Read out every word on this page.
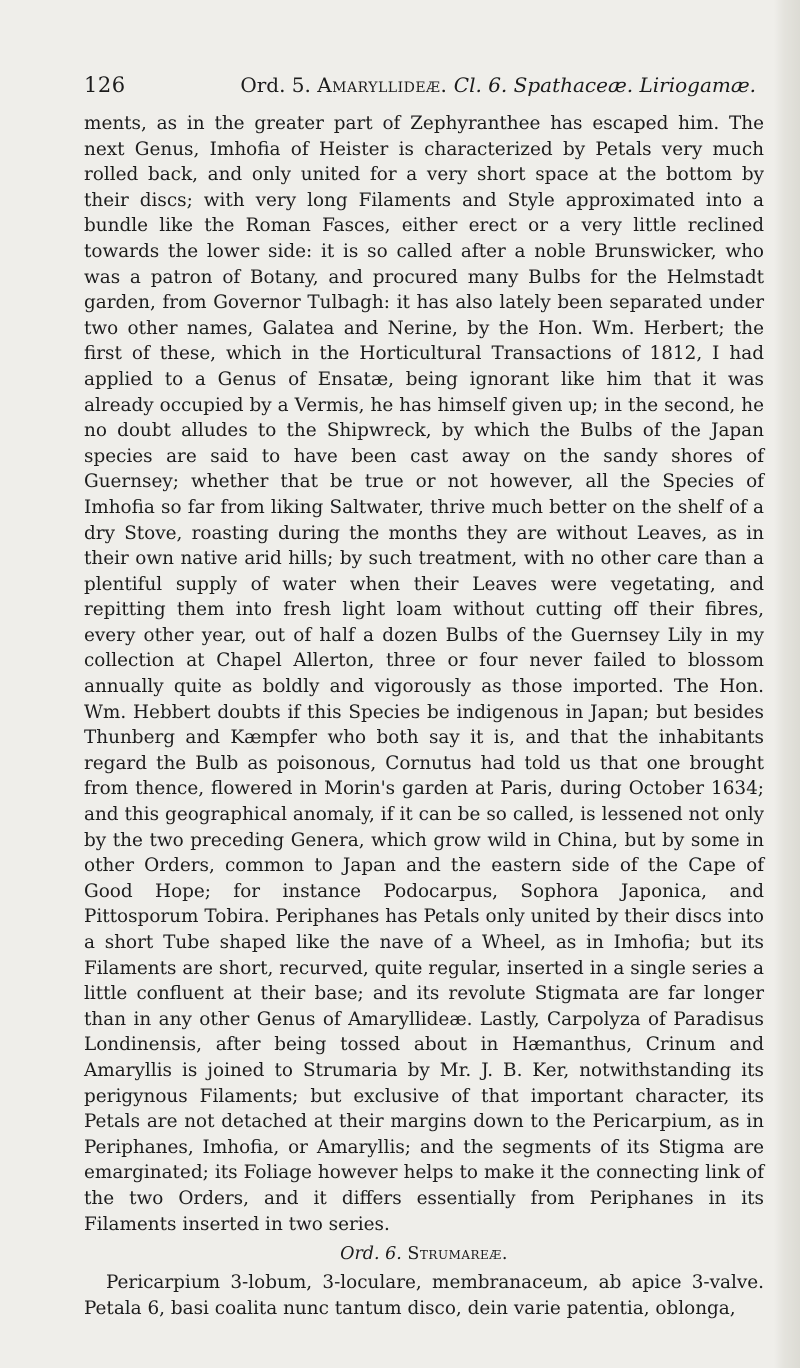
126	Ord. 5. Amaryllideæ. Cl. 6. Spathaceæ. Liriogamæ.

ments, as in the greater part of Zephyranthee has escaped him. The next Genus, Imhofia of Heister is characterized by Petals very much rolled back, and only united for a very short space at the bottom by their discs; with very long Filaments and Style approximated into a bundle like the Roman Fasces, either erect or a very little reclined towards the lower side: it is so called after a noble Brunswicker, who was a patron of Botany, and procured many Bulbs for the Helmstadt garden, from Governor Tulbagh: it has also lately been separated under two other names, Galatea and Nerine, by the Hon. Wm. Herbert; the first of these, which in the Horticultural Transactions of 1812, I had applied to a Genus of Ensatæ, being ignorant like him that it was already occupied by a Vermis, he has himself given up; in the second, he no doubt alludes to the Shipwreck, by which the Bulbs of the Japan species are said to have been cast away on the sandy shores of Guernsey; whether that be true or not however, all the Species of Imhofia so far from liking Saltwater, thrive much better on the shelf of a dry Stove, roasting during the months they are without Leaves, as in their own native arid hills; by such treatment, with no other care than a plentiful supply of water when their Leaves were vegetating, and repitting them into fresh light loam without cutting off their fibres, every other year, out of half a dozen Bulbs of the Guernsey Lily in my collection at Chapel Allerton, three or four never failed to blossom annually quite as boldly and vigorously as those imported. The Hon. Wm. Hebbert doubts if this Species be indigenous in Japan; but besides Thunberg and Kæmpfer who both say it is, and that the inhabitants regard the Bulb as poisonous, Cornutus had told us that one brought from thence, flowered in Morin's garden at Paris, during October 1634; and this geographical anomaly, if it can be so called, is lessened not only by the two preceding Genera, which grow wild in China, but by some in other Orders, common to Japan and the eastern side of the Cape of Good Hope; for instance Podocarpus, Sophora Japonica, and Pittosporum Tobira. Periphanes has Petals only united by their discs into a short Tube shaped like the nave of a Wheel, as in Imhofia; but its Filaments are short, recurved, quite regular, inserted in a single series a little confluent at their base; and its revolute Stigmata are far longer than in any other Genus of Amaryllideæ. Lastly, Carpolyza of Paradisus Londinensis, after being tossed about in Hæmanthus, Crinum and Amaryllis is joined to Strumaria by Mr. J. B. Ker, notwithstanding its perigynous Filaments; but exclusive of that important character, its Petals are not detached at their margins down to the Pericarpium, as in Periphanes, Imhofia, or Amaryllis; and the segments of its Stigma are emarginated; its Foliage however helps to make it the connecting link of the two Orders, and it differs essentially from Periphanes in its Filaments inserted in two series.

Ord. 6. Strumareæ.

Pericarpium 3-lobum, 3-loculare, membranaceum, ab apice 3-valve. Petala 6, basi coalita nunc tantum disco, dein varie patentia, oblonga,
